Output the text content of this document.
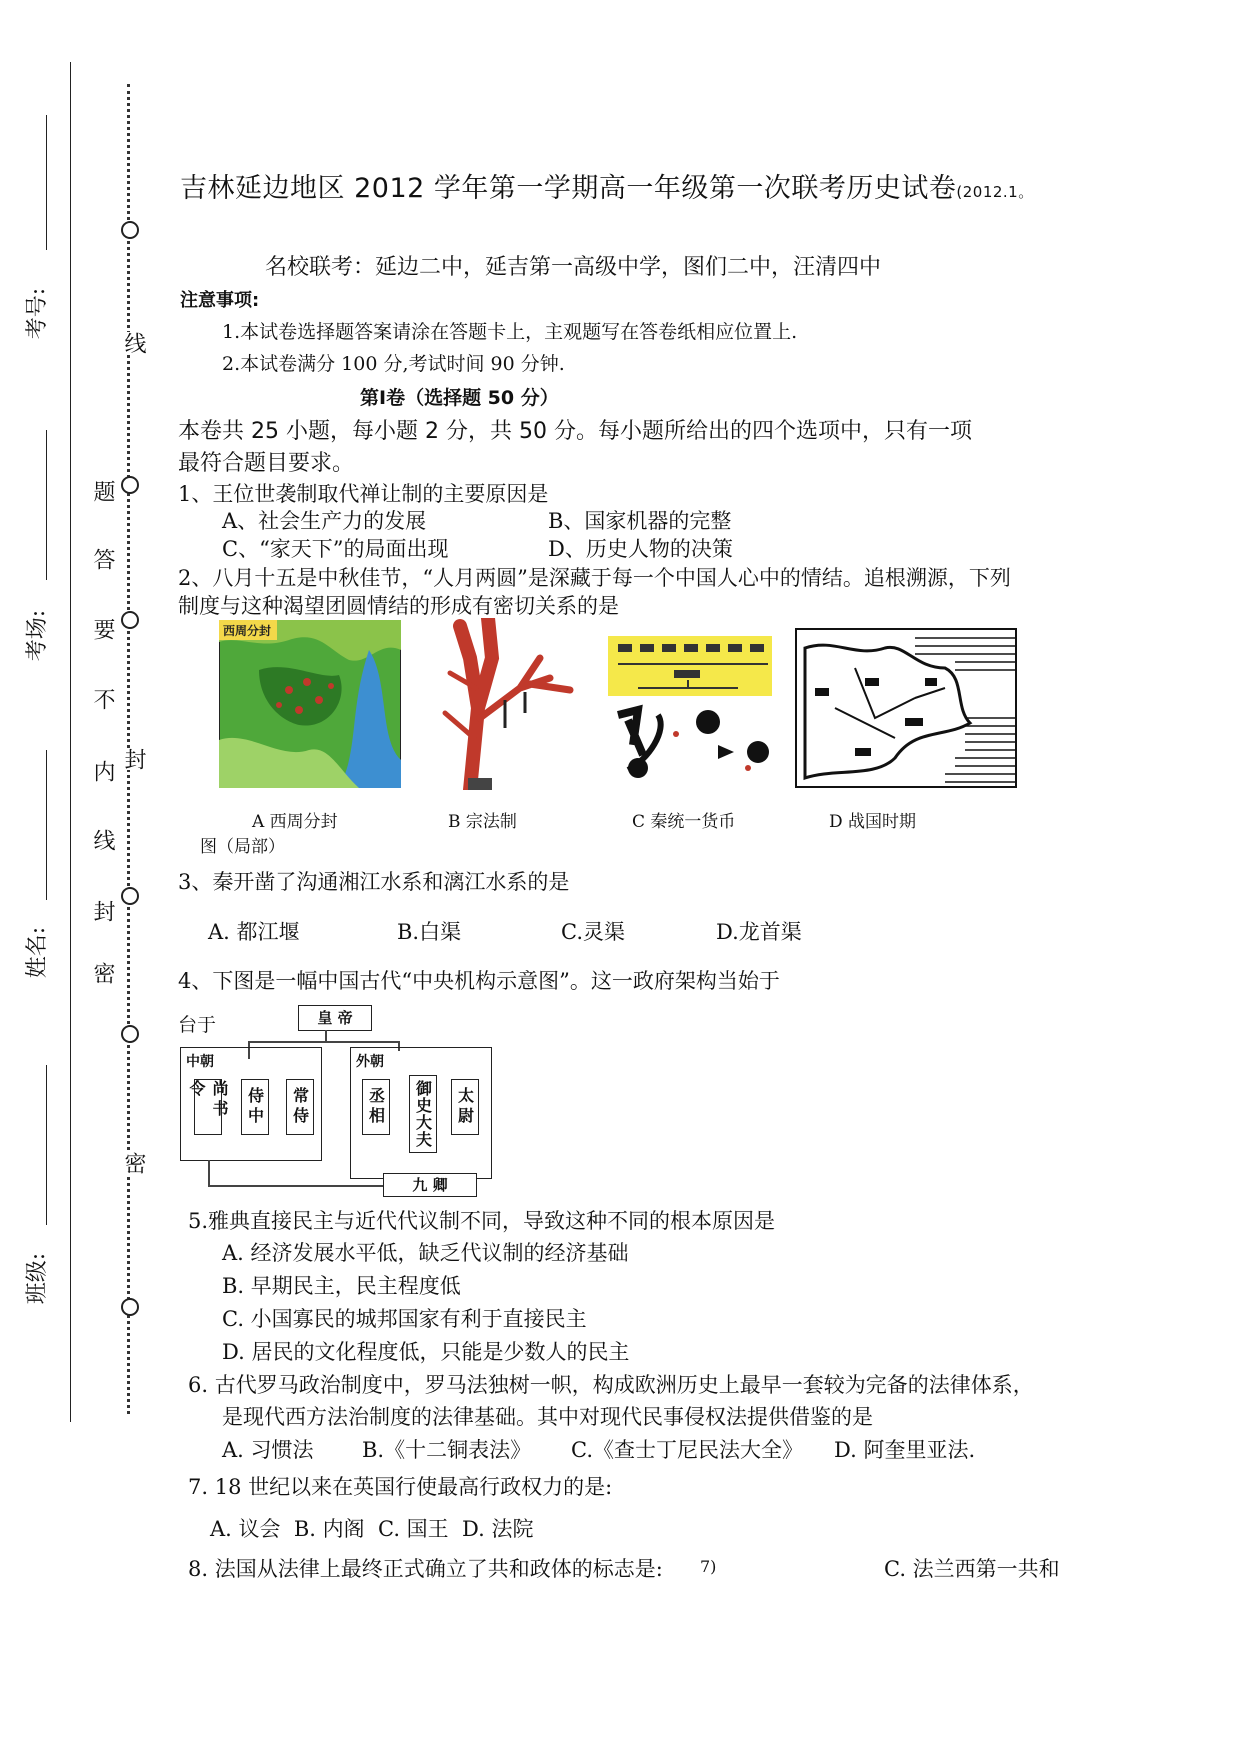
线
封
密
密
封
线
内
不
要
答
题
考号:
考场:
姓名:
班级:
吉林延边地区 2012 学年第一学期高一年级第一次联考历史试卷(2012.1。
名校联考：延边二中，延吉第一高级中学，图们二中，汪清四中
注意事项:
1.本试卷选择题答案请涂在答题卡上，主观题写在答卷纸相应位置上.
2.本试卷满分 100 分,考试时间 90 分钟.
第Ⅰ卷（选择题 50 分）
本卷共 25 小题，每小题 2 分，共 50 分。每小题所给出的四个选项中，只有一项
最符合题目要求。
1、王位世袭制取代禅让制的主要原因是
A、社会生产力的发展	B、国家机器的完整
C、“家天下”的局面出现	D、历史人物的决策
2、八月十五是中秋佳节，“人月两圆”是深藏于每一个中国人心中的情结。追根溯源，下列
制度与这种渴望团圆情结的形成有密切关系的是
西周分封
A 西周分封	B 宗法制	C 秦统一货币	D 战国时期
图（局部）
3、秦开凿了沟通湘江水系和漓江水系的是
A. 都江堰	B.白渠	C.灵渠	D.龙首渠
4、下图是一幅中国古代“中央机构示意图”。这一政府架构当始于
台于	皇 帝
中朝	外朝
尚书令	侍中 常侍	丞相 御史大夫 太尉
九 卿
5.雅典直接民主与近代代议制不同，导致这种不同的根本原因是
A. 经济发展水平低，缺乏代议制的经济基础
B. 早期民主，民主程度低
C. 小国寡民的城邦国家有利于直接民主
D. 居民的文化程度低，只能是少数人的民主
6. 古代罗马政治制度中，罗马法独树一帜，构成欧洲历史上最早一套较为完备的法律体系，
是现代西方法治制度的法律基础。其中对现代民事侵权法提供借鉴的是
A. 习惯法 B.《十二铜表法》 C.《查士丁尼民法大全》 D. 阿奎里亚法.
7. 18 世纪以来在英国行使最高行政权力的是:
A. 议会  B. 内阁  C. 国王  D. 法院
8. 法国从法律上最终正式确立了共和政体的标志是: 7)	C. 法兰西第一共和
